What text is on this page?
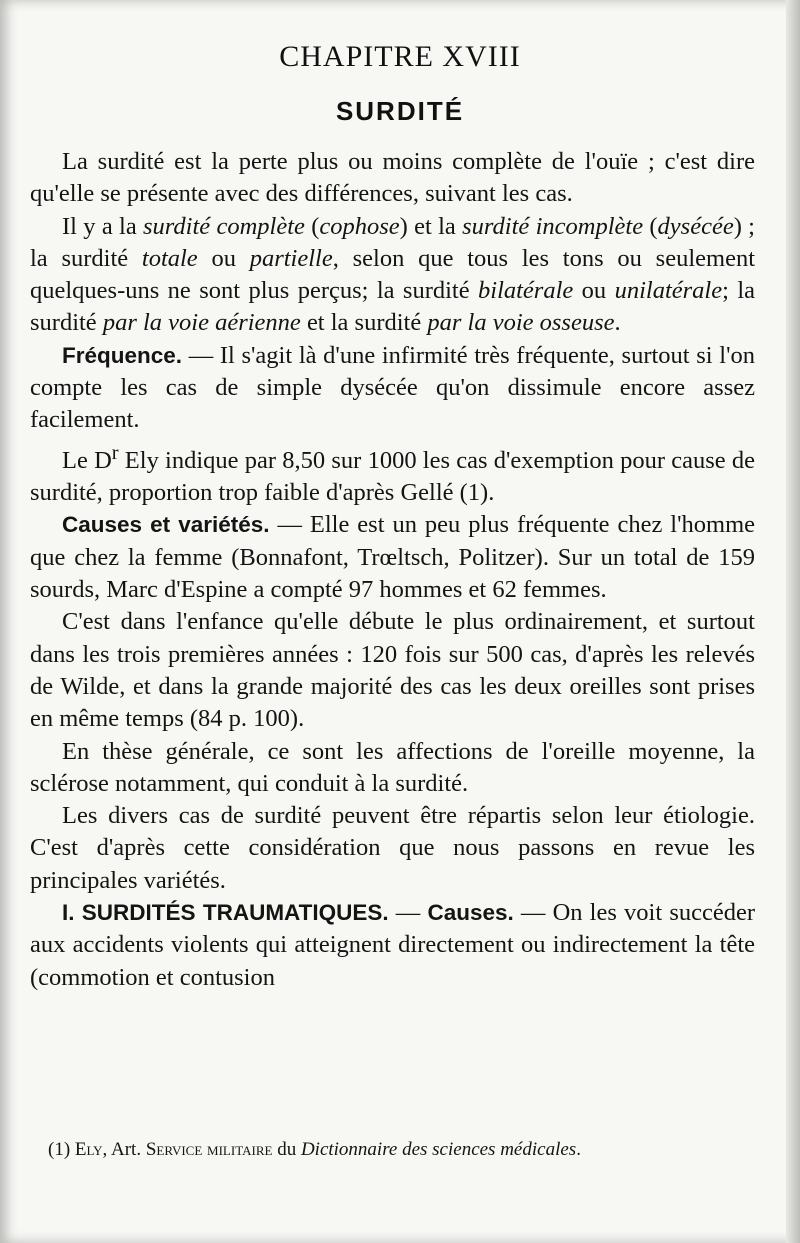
CHAPITRE XVIII
SURDITÉ

La surdité est la perte plus ou moins complète de l'ouïe ; c'est dire qu'elle se présente avec des différences, suivant les cas.

Il y a la surdité complète (cophose) et la surdité incomplète (dysécée) ; la surdité totale ou partielle, selon que tous les tons ou seulement quelques-uns ne sont plus perçus; la surdité bilatérale ou unilatérale; la surdité par la voie aérienne et la surdité par la voie osseuse.

Fréquence. — Il s'agit là d'une infirmité très fréquente, surtout si l'on compte les cas de simple dysécée qu'on dissimule encore assez facilement.

Le $D^r$ Ely indique par 8,50 sur 1000 les cas d'exemption pour cause de surdité, proportion trop faible d'après Gellé (1).

Causes et variétés. — Elle est un peu plus fréquente chez l'homme que chez la femme (Bonnafont, Trœltsch, Politzer). Sur un total de 159 sourds, Marc d'Espine a compté 97 hommes et 62 femmes.

C'est dans l'enfance qu'elle débute le plus ordinairement, et surtout dans les trois premières années : 120 fois sur 500 cas, d'après les relevés de Wilde, et dans la grande majorité des cas les deux oreilles sont prises en même temps (84 p. 100).

En thèse générale, ce sont les affections de l'oreille moyenne, la sclérose notamment, qui conduit à la surdité.

Les divers cas de surdité peuvent être répartis selon leur étiologie. C'est d'après cette considération que nous passons en revue les principales variétés.

I. SURDITÉS TRAUMATIQUES. — Causes. — On les voit succéder aux accidents violents qui atteignent directement ou indirectement la tête (commotion et contusion

(1) Ely, Art. Service militaire du Dictionnaire des sciences médicales.
